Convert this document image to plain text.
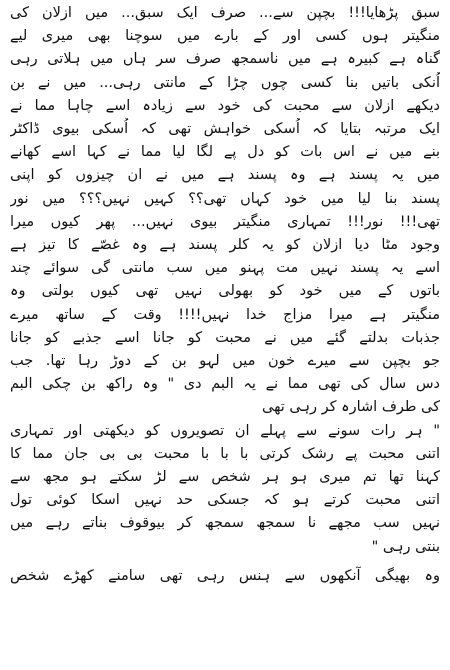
سبق پڑھایا!!! بچپن سے... صرف ایک سبق... میں ازلان کی
منگیتر ہوں کسی اور کے بارے میں سوچنا بھی میری لیے
گناہ ہے کبیرہ ہے میں ناسمجھ صرف سر ہاں میں ہلاتی رہی
اُنکی باتیں بنا کسی چوں چڑا کے مانتی رہی... میں نے بن
دیکھے ازلان سے محبت کی خود سے زیادہ اسے چاہا مما نے
ایک مرتبہ بتایا کہ اُسکی خواہش تھی کہ اُسکی بیوی ڈاکٹر
بنے میں نے اس بات کو دل پے لگا لیا مما نے کہا اسے کھانے
میں یہ پسند ہے وہ پسند ہے میں نے ان چیزوں کو اپنی
پسند بنا لیا میں خود کہاں تھی؟؟ کہیں نہیں؟؟؟ میں نور
تھی!!! نور!!! تمہاری منگیتر بیوی نہیں... پھر کیوں میرا
وجود مٹا دیا ازلان کو یہ کلر پسند ہے وہ غصّے کا تیز ہے
اسے یہ پسند نہیں مت پہنو میں سب مانتی گی سوائے چند
باتوں کے میں خود کو بھولی نہیں تھی کیوں بولتی وہ
منگیتر ہے میرا مزاج خدا نہیں!!!! وقت کے ساتھ میرے
جذبات بدلتے گئے میں نے محبت کو جانا اسے جذبے کو جانا
جو بچپن سے میرے خون میں لہو بن کے دوڑ رہا تھا. جب
دس سال کی تھی مما نے یہ البم دی " وہ راکھ بن چکی البم
کی طرف اشارہ کر رہی تھی
" ہر رات سونے سے پہلے ان تصویروں کو دیکھتی اور تمہاری
اتنی محبت پے رشک کرتی با با با محبت بی بی جان مما کا
کہنا تھا تم میری ہو ہر شخص سے لڑ سکتے ہو مجھ سے
اتنی محبت کرتے ہو کہ جسکی حد نہیں اسکا کوئی تول
نہیں سب مجھے نا سمجھ سمجھ کر بیوقوف بناتے رہے میں
بنتی رہی "
وہ بھیگی آنکھوں سے ہنس رہی تھی سامنے کھڑے شخص
